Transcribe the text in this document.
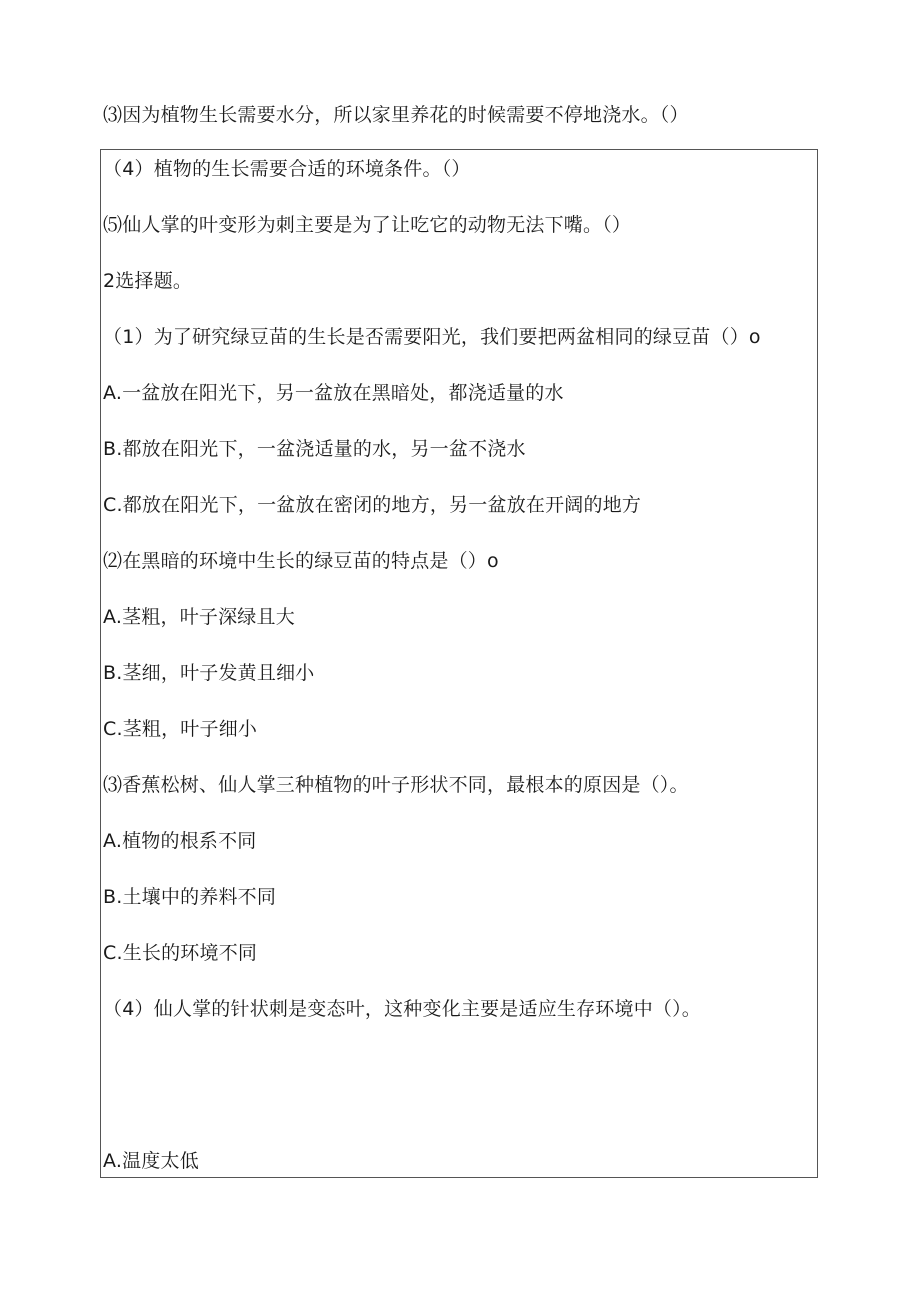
⑶因为植物生长需要水分，所以家里养花的时候需要不停地浇水。（）
（4）植物的生长需要合适的环境条件。（）
⑸仙人掌的叶变形为刺主要是为了让吃它的动物无法下嘴。（）
2选择题。
（1）为了研究绿豆苗的生长是否需要阳光，我们要把两盆相同的绿豆苗（）o
A.一盆放在阳光下，另一盆放在黑暗处，都浇适量的水
B.都放在阳光下，一盆浇适量的水，另一盆不浇水
C.都放在阳光下，一盆放在密闭的地方，另一盆放在开阔的地方
⑵在黑暗的环境中生长的绿豆苗的特点是（）o
A.茎粗，叶子深绿且大
B.茎细，叶子发黄且细小
C.茎粗，叶子细小
⑶香蕉松树、仙人掌三种植物的叶子形状不同，最根本的原因是（）。
A.植物的根系不同
B.土壤中的养料不同
C.生长的环境不同
（4）仙人掌的针状刺是变态叶，这种变化主要是适应生存环境中（）。
A.温度太低
